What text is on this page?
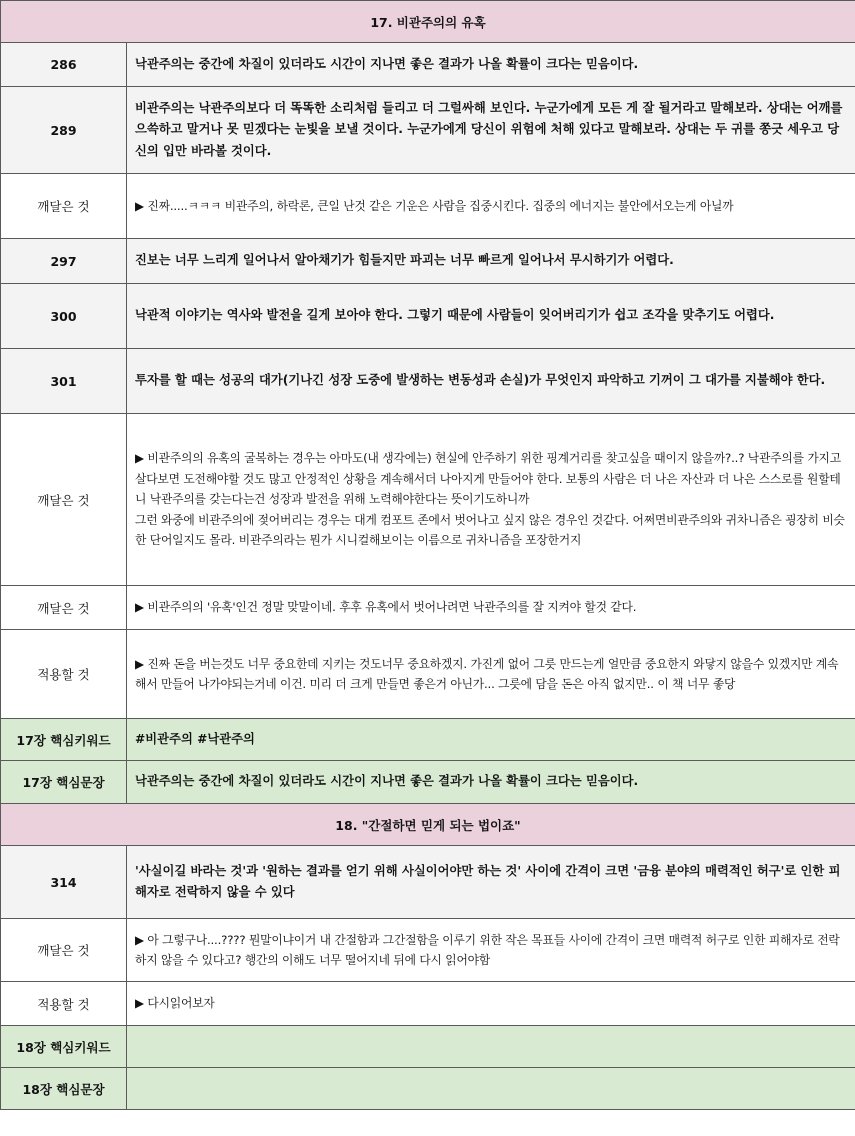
17. 비관주의의 유혹	
286	낙관주의는 중간에 차질이 있더라도 시간이 지나면 좋은 결과가 나올 확률이 크다는 믿음이다.
289	비관주의는 낙관주의보다 더 똑똑한 소리처럼 들리고 더 그럴싸해 보인다. 누군가에게 모든 게 잘 될거라고 말해보라. 상대는 어깨를 으쓱하고 말거나 못 믿겠다는 눈빛을 보낼 것이다. 누군가에게 당신이 위험에 처해 있다고 말해보라. 상대는 두 귀를 쫑긋 세우고 당신의 입만 바라볼 것이다.
깨달은 것	▶ 진짜.....ㅋㅋㅋ 비관주의, 하락론, 큰일 난것 같은 기운은 사람을 집중시킨다. 집중의 에너지는 불안에서오는게 아닐까
297	진보는 너무 느리게 일어나서 알아채기가 힘들지만 파괴는 너무 빠르게 일어나서 무시하기가 어렵다.
300	낙관적 이야기는 역사와 발전을 길게 보아야 한다. 그렇기 때문에 사람들이 잊어버리기가 쉽고 조각을 맞추기도 어렵다.
301	투자를 할 때는 성공의 대가(기나긴 성장 도중에 발생하는 변동성과 손실)가 무엇인지 파악하고 기꺼이 그 대가를 지불해야 한다.
깨달은 것	▶ 비관주의의 유혹의 굴복하는 경우는 아마도(내 생각에는) 현실에 안주하기 위한 핑계거리를 찾고싶을 때이지 않을까?..? 낙관주의를 가지고 살다보면 도전해야할 것도 많고 안정적인 상황을 계속해서더 나아지게 만들어야 한다. 보통의 사람은 더 나은 자산과 더 나은 스스로를 원할테니 낙관주의를 갖는다는건 성장과 발전을 위해 노력해야한다는 뜻이기도하니까
그런 와중에 비관주의에 젖어버리는 경우는 대게 컴포트 존에서 벗어나고 싶지 않은 경우인 것같다. 어쩌면비관주의와 귀차니즘은 굉장히 비슷한 단어일지도 몰라. 비관주의라는 뭔가 시니컬해보이는 이름으로 귀차니즘을 포장한거지
깨달은 것	▶ 비관주의의 '유혹'인건 정말 맞말이네. 후후 유혹에서 벗어나려면 낙관주의를 잘 지켜야 할것 같다.
적용할 것	▶ 진짜 돈을 버는것도 너무 중요한데 지키는 것도너무 중요하겠지. 가진게 없어 그릇 만드는게 얼만큼 중요한지 와닿지 않을수 있겠지만 계속해서 만들어 나가야되는거네 이건. 미리 더 크게 만들면 좋은거 아닌가... 그릇에 담을 돈은 아직 없지만.. 이 책 너무 좋당
17장 핵심키워드	#비관주의 #낙관주의
17장 핵심문장	낙관주의는 중간에 차질이 있더라도 시간이 지나면 좋은 결과가 나올 확률이 크다는 믿음이다.
18. "간절하면 믿게 되는 법이죠"	
314	'사실이길 바라는 것'과 '원하는 결과를 얻기 위해 사실이어야만 하는 것' 사이에 간격이 크면 '금융 분야의 매력적인 허구'로 인한 피해자로 전락하지 않을 수 있다
깨달은 것	▶ 아 그렇구나....???? 뭔말이냐이거 내 간절함과 그간절함을 이루기 위한 작은 목표들 사이에 간격이 크면 매력적 허구로 인한 피해자로 전락하지 않을 수 있다고? 행간의 이해도 너무 떨어지네 뒤에 다시 읽어야함
적용할 것	▶ 다시읽어보자
18장 핵심키워드	
18장 핵심문장	
